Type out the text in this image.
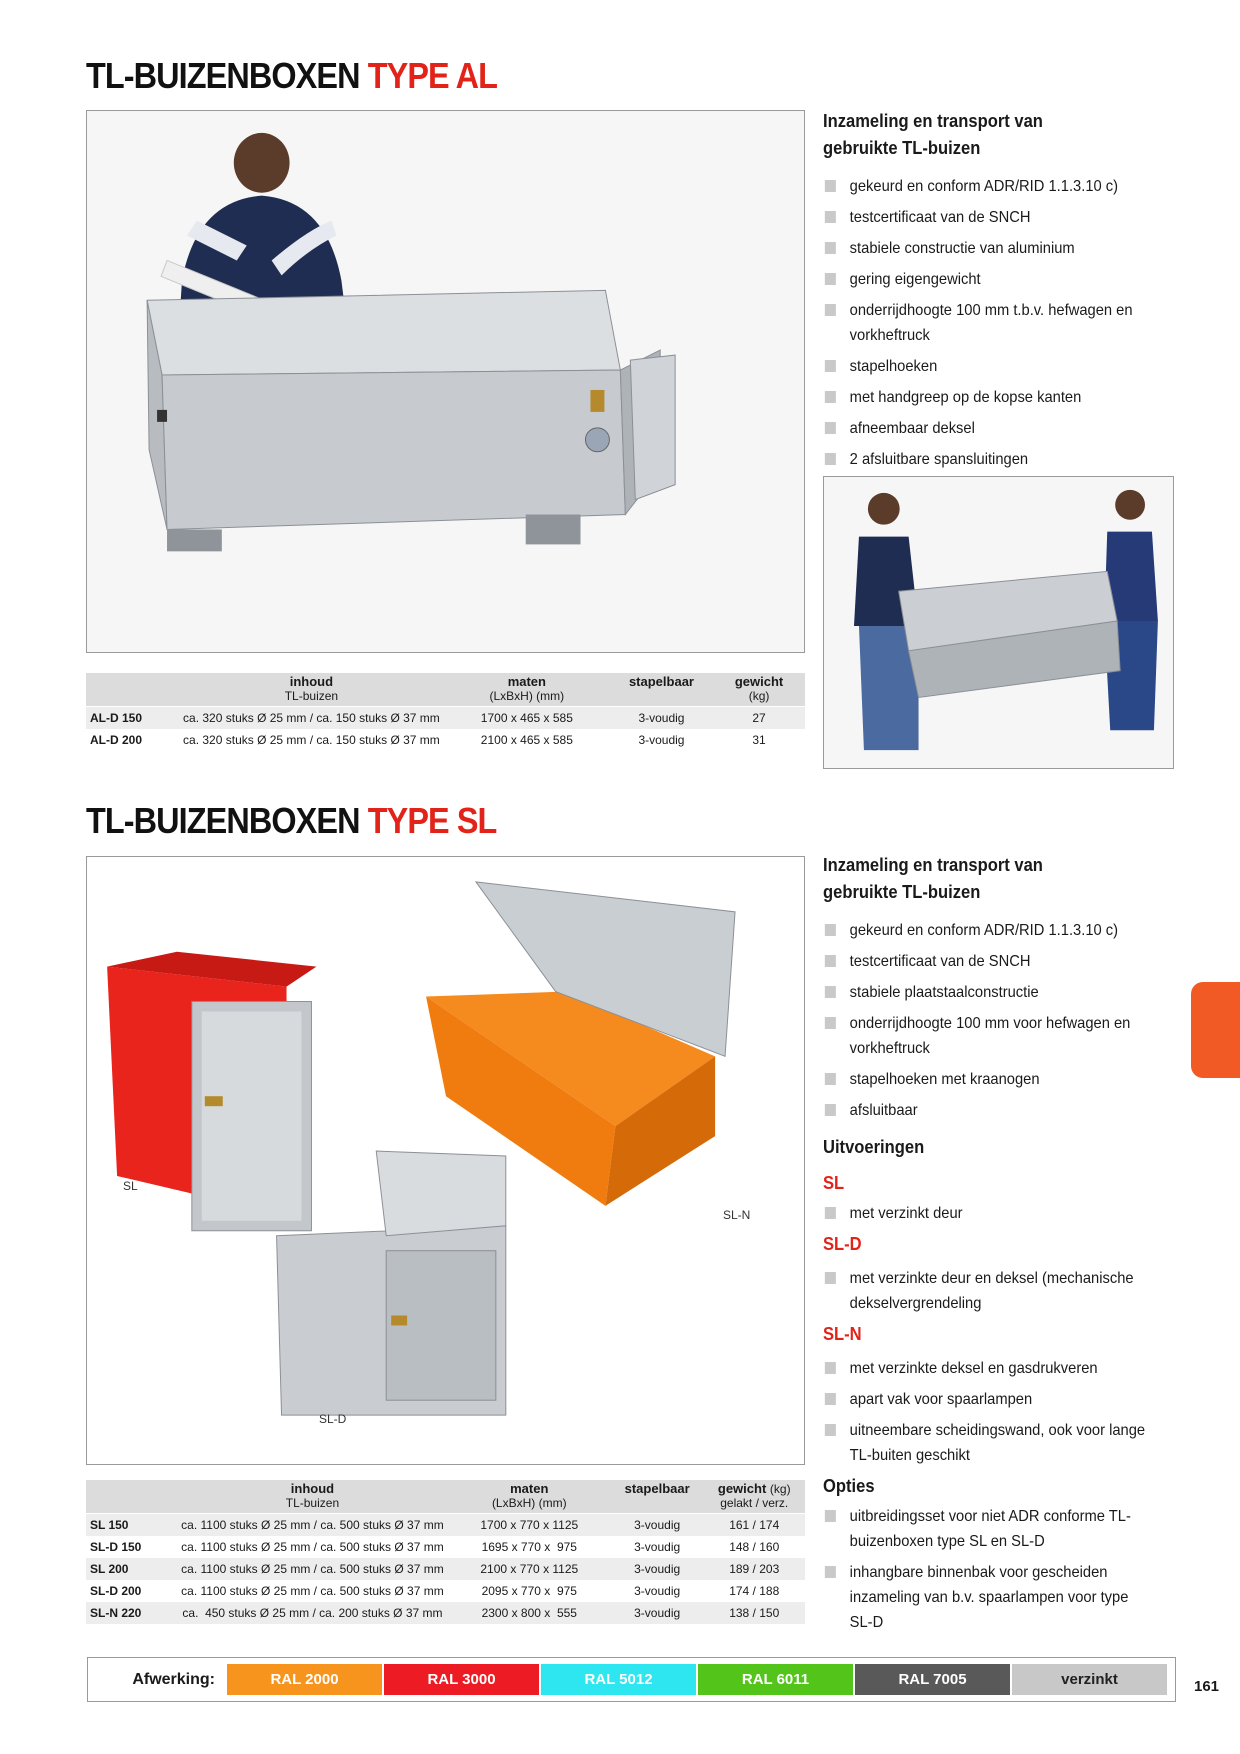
TL-BUIZENBOXEN TYPE AL
Inzameling en transport van gebruikte TL-buizen
gekeurd en conform ADR/RID 1.1.3.10 c)
testcertificaat van de SNCH
stabiele constructie van aluminium
gering eigengewicht
onderrijdhoogte 100 mm t.b.v. hefwagen en vorkheftruck
stapelhoeken
met handgreep op de kopse kanten
afneembaar deksel
2 afsluitbare spansluitingen
	inhoud	maten	stapelbaar	gewicht
	TL-buizen	(LxBxH) (mm)		(kg)
AL-D 150	ca. 320 stuks Ø 25 mm / ca. 150 stuks Ø 37 mm	1700 x 465 x 585	3-voudig	27
AL-D 200	ca. 320 stuks Ø 25 mm / ca. 150 stuks Ø 37 mm	2100 x 465 x 585	3-voudig	31
TL-BUIZENBOXEN TYPE SL
SL
SL-N
SL-D
Inzameling en transport van gebruikte TL-buizen
gekeurd en conform ADR/RID 1.1.3.10 c)
testcertificaat van de SNCH
stabiele plaatstaalconstructie
onderrijdhoogte 100 mm voor hefwagen en vorkheftruck
stapelhoeken met kraanogen
afsluitbaar
Uitvoeringen
SL
met verzinkt deur
SL-D
met verzinkte deur en deksel (mechanische dekselvergrendeling
SL-N
met verzinkte deksel en gasdrukveren
apart vak voor spaarlampen
uitneembare scheidingswand, ook voor lange TL-buiten geschikt
Opties
uitbreidingsset voor niet ADR conforme TL-buizenboxen type SL en SL-D
inhangbare binnenbak voor gescheiden inzameling van b.v. spaarlampen voor type SL-D
	inhoud	maten	stapelbaar	gewicht (kg)
	TL-buizen	(LxBxH) (mm)		gelakt / verz.
SL 150	ca. 1100 stuks Ø 25 mm / ca. 500 stuks Ø 37 mm	1700 x 770 x 1125	3-voudig	161 / 174
SL-D 150	ca. 1100 stuks Ø 25 mm / ca. 500 stuks Ø 37 mm	1695 x 770 x  975	3-voudig	148 / 160
SL 200	ca. 1100 stuks Ø 25 mm / ca. 500 stuks Ø 37 mm	2100 x 770 x 1125	3-voudig	189 / 203
SL-D 200	ca. 1100 stuks Ø 25 mm / ca. 500 stuks Ø 37 mm	2095 x 770 x  975	3-voudig	174 / 188
SL-N 220	ca.  450 stuks Ø 25 mm / ca. 200 stuks Ø 37 mm	2300 x 800 x  555	3-voudig	138 / 150
Afwerking:	RAL 2000	RAL 3000	RAL 5012	RAL 6011	RAL 7005	verzinkt	161
